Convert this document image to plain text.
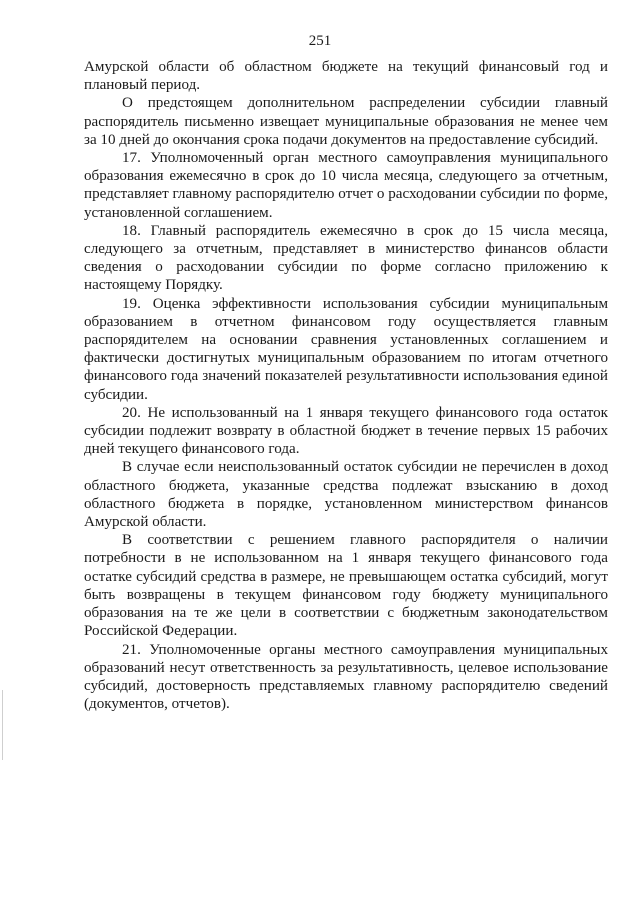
251

Амурской области об областном бюджете на текущий финансовый год и плановый период.

О предстоящем дополнительном распределении субсидии главный распорядитель письменно извещает муниципальные образования не менее чем за 10 дней до окончания срока подачи документов на предоставление субсидий.

17. Уполномоченный орган местного самоуправления муниципального образования ежемесячно в срок до 10 числа месяца, следующего за отчетным, представляет главному распорядителю отчет о расходовании субсидии по форме, установленной соглашением.

18. Главный распорядитель ежемесячно в срок до 15 числа месяца, следующего за отчетным, представляет в министерство финансов области сведения о расходовании субсидии по форме согласно приложению к настоящему Порядку.

19. Оценка эффективности использования субсидии муниципальным образованием в отчетном финансовом году осуществляется главным распорядителем на основании сравнения установленных соглашением и фактически достигнутых муниципальным образованием по итогам отчетного финансового года значений показателей результативности использования единой субсидии.

20. Не использованный на 1 января текущего финансового года остаток субсидии подлежит возврату в областной бюджет в течение первых 15 рабочих дней текущего финансового года.

В случае если неиспользованный остаток субсидии не перечислен в доход областного бюджета, указанные средства подлежат взысканию в доход областного бюджета в порядке, установленном министерством финансов Амурской области.

В соответствии с решением главного распорядителя о наличии потребности в не использованном на 1 января текущего финансового года остатке субсидий средства в размере, не превышающем остатка субсидий, могут быть возвращены в текущем финансовом году бюджету муниципального образования на те же цели в соответствии с бюджетным законодательством Российской Федерации.

21. Уполномоченные органы местного самоуправления муниципальных образований несут ответственность за результативность, целевое использование субсидий, достоверность представляемых главному распорядителю сведений (документов, отчетов).
